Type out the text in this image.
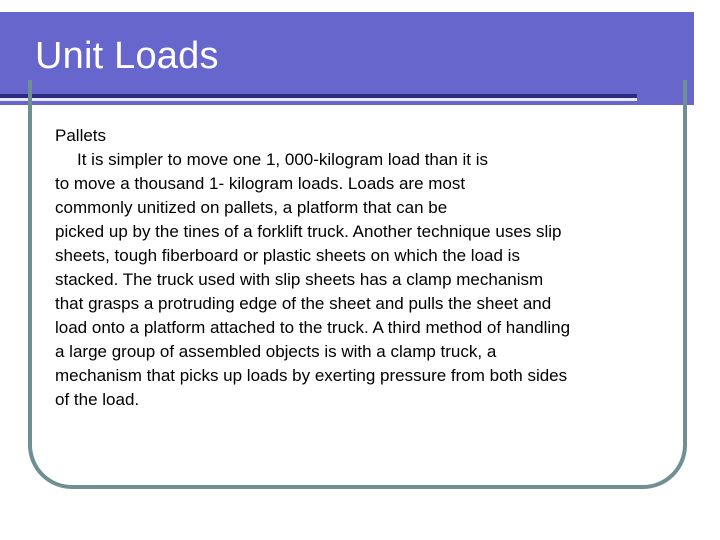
Unit Loads

Pallets

It is simpler to move one 1, 000-kilogram load than it is

to move a thousand 1- kilogram loads. Loads are most

commonly unitized on pallets, a platform that can be

picked up by the tines of a forklift truck. Another technique uses slip

sheets, tough fiberboard or plastic sheets on which the load is

stacked. The truck used with slip sheets has a clamp mechanism

that grasps a protruding edge of the sheet and pulls the sheet and

load onto a platform attached to the truck. A third method of handling

a large group of assembled objects is with a clamp truck, a

mechanism that picks up loads by exerting pressure from both sides

of the load.
